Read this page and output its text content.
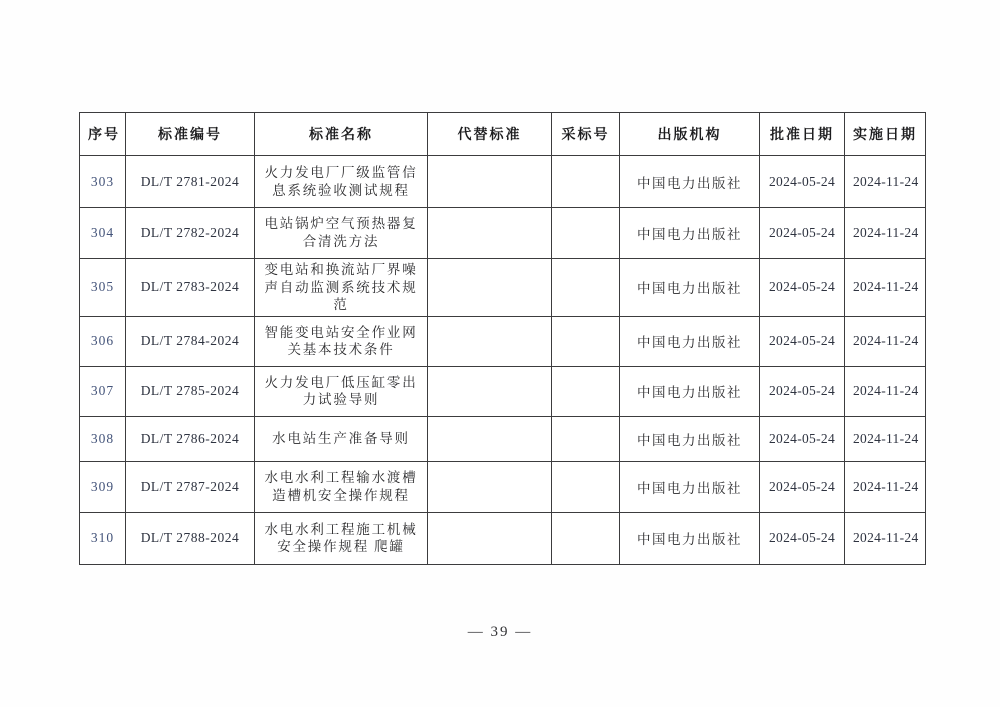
序号	标准编号	标准名称	代替标准	采标号	出版机构	批准日期	实施日期
303	DL/T 2781-2024	火力发电厂厂级监管信息系统验收测试规程			中国电力出版社	2024-05-24	2024-11-24
304	DL/T 2782-2024	电站锅炉空气预热器复合清洗方法			中国电力出版社	2024-05-24	2024-11-24
305	DL/T 2783-2024	变电站和换流站厂界噪声自动监测系统技术规范			中国电力出版社	2024-05-24	2024-11-24
306	DL/T 2784-2024	智能变电站安全作业网关基本技术条件			中国电力出版社	2024-05-24	2024-11-24
307	DL/T 2785-2024	火力发电厂低压缸零出力试验导则			中国电力出版社	2024-05-24	2024-11-24
308	DL/T 2786-2024	水电站生产准备导则			中国电力出版社	2024-05-24	2024-11-24
309	DL/T 2787-2024	水电水利工程输水渡槽造槽机安全操作规程			中国电力出版社	2024-05-24	2024-11-24
310	DL/T 2788-2024	水电水利工程施工机械安全操作规程 爬罐			中国电力出版社	2024-05-24	2024-11-24
— 39 —
